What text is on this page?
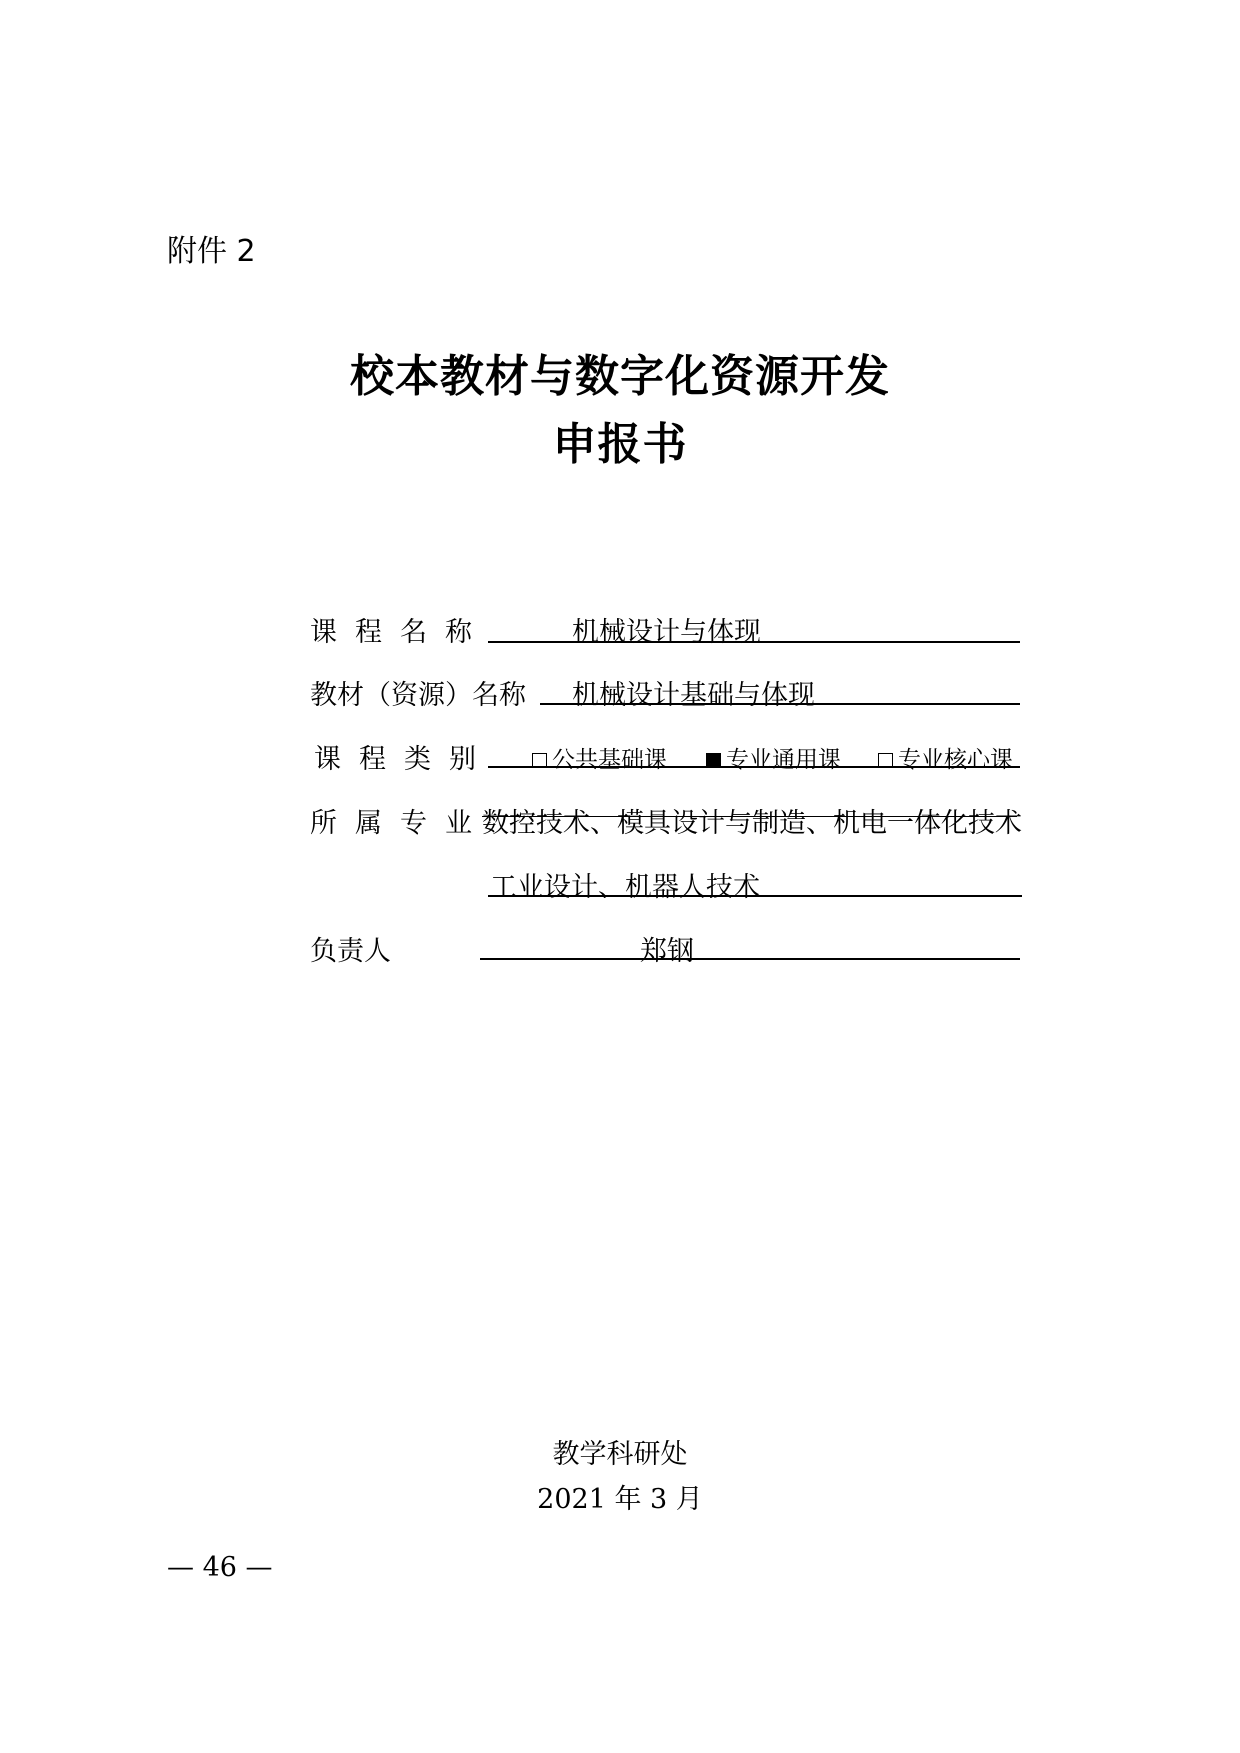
附件 2
校本教材与数字化资源开发
申报书
课程名称	机械设计与体现
教材（资源）名称 机械设计基础与体现
课程类别	公共基础课	专业通用课	专业核心课
所属专业
数控技术、模具设计与制造、机电一体化技术
工业设计、机器人技术
负责人	郑钢
教学科研处
2021 年 3 月
— 46 —
